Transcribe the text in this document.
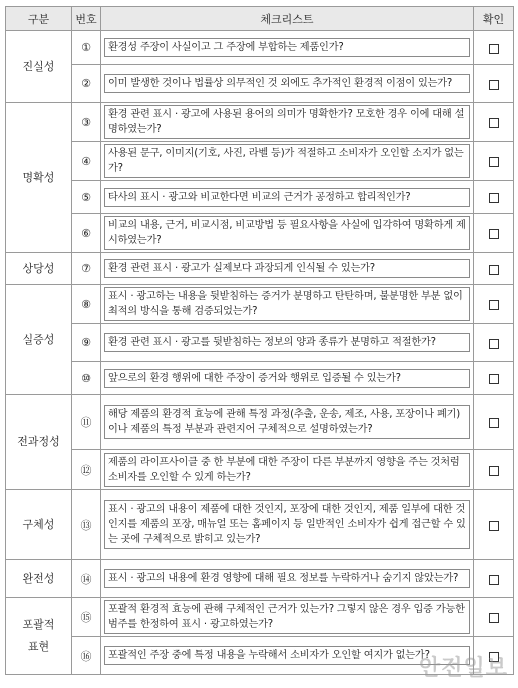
구분	번호	체크리스트	확인
진실성	①	환경성 주장이 사실이고 그 주장에 부합하는 제품인가?	

	②	이미 발생한 것이나 법률상 의무적인 것 외에도 추가적인 환경적 이점이 있는가?	

명확성	③	환경 관련 표시 · 광고에 사용된 용어의 의미가 명확한가? 모호한 경우 이에 대해 설명하였는가?	

	④	사용된 문구, 이미지(기호, 사진, 라벨 등)가 적절하고 소비자가 오인할 소지가 없는가?	

	⑤	타사의 표시 · 광고와 비교한다면 비교의 근거가 공정하고 합리적인가?	

	⑥	비교의 내용, 근거, 비교시점, 비교방법 등 필요사항을 사실에 입각하여 명확하게 제시하였는가?	

상당성	⑦	환경 관련 표시 · 광고가 실제보다 과장되게 인식될 수 있는가?	

실증성	⑧	표시 · 광고하는 내용을 뒷받침하는 증거가 분명하고 탄탄하며, 불분명한 부분 없이 최적의 방식을 통해 검증되었는가?	

	⑨	환경 관련 표시 · 광고를 뒷받침하는 정보의 양과 종류가 분명하고 적절한가?	

	⑩	앞으로의 환경 행위에 대한 주장이 증거와 행위로 입증될 수 있는가?	

전과정성	⑪	해당 제품의 환경적 효능에 관해 특정 과정(추출, 운송, 제조, 사용, 포장이나 폐기)이나 제품의 특정 부분과 관련지어 구체적으로 설명하였는가?	

	⑫	제품의 라이프사이클 중 한 부분에 대한 주장이 다른 부분까지 영향을 주는 것처럼 소비자를 오인할 수 있게 하는가?	

구체성	⑬	표시 · 광고의 내용이 제품에 대한 것인지, 포장에 대한 것인지, 제품 일부에 대한 것인지를 제품의 포장, 매뉴얼 또는 홈페이지 등 일반적인 소비자가 쉽게 접근할 수 있는 곳에 구체적으로 밝히고 있는가?	

완전성	⑭	표시 · 광고의 내용에 환경 영향에 대해 필요 정보를 누락하거나 숨기지 않았는가?	

포괄적
표현	⑮	포괄적 환경적 효능에 관해 구체적인 근거가 있는가? 그렇지 않은 경우 입증 가능한 범주를 한정하여 표시 · 광고하였는가?	

	⑯	포괄적인 주장 중에 특정 내용을 누락해서 소비자가 오인할 여지가 없는가?	

안전일보
